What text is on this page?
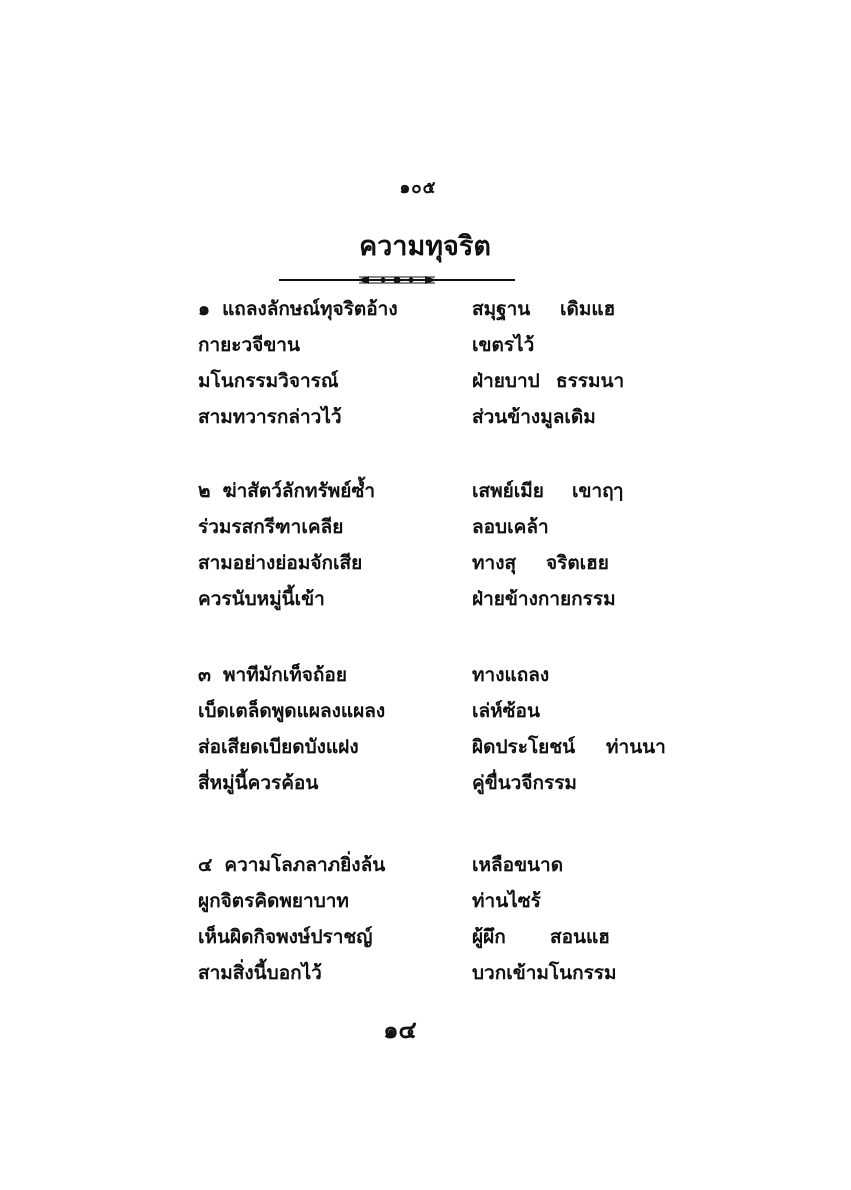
๑๐๕
ความทุจริต
๑ แถลงลักษณ์ทุจริตอ้าง	สมุฐาน เดิมแฮ
กายะวจีขาน	เขตรไว้
มโนกรรมวิจารณ์	ฝ่ายบาป ธรรมนา
สามทวารกล่าวไว้	ส่วนข้างมูลเดิม
๒ ฆ่าสัตว์ลักทรัพย์ซ้ำ	เสพย์เมีย เขาฤๅ
ร่วมรสกรีฑาเคลีย	ลอบเคล้า
สามอย่างย่อมจักเสีย	ทางสุ จริตเฮย
ควรนับหมู่นี้เข้า	ฝ่ายข้างกายกรรม
๓ พาทีมักเท็จถ้อย	ทางแถลง
เบ็ดเตล็ดพูดแผลงแผลง	เล่ห์ซ้อน
ส่อเสียดเบียดบังแฝง	ผิดประโยชน์ ท่านนา
สี่หมู่นี้ควรค้อน	คู่ขื่นวจีกรรม
๔ ความโลภลาภยิ่งล้น	เหลือขนาด
ผูกจิตรคิดพยาบาท	ท่านไซร้
เห็นผิดกิจพงษ์ปราชญ์	ผู้ผึก สอนแฮ
สามสิ่งนี้บอกไว้	บวกเข้ามโนกรรม
๑๔
